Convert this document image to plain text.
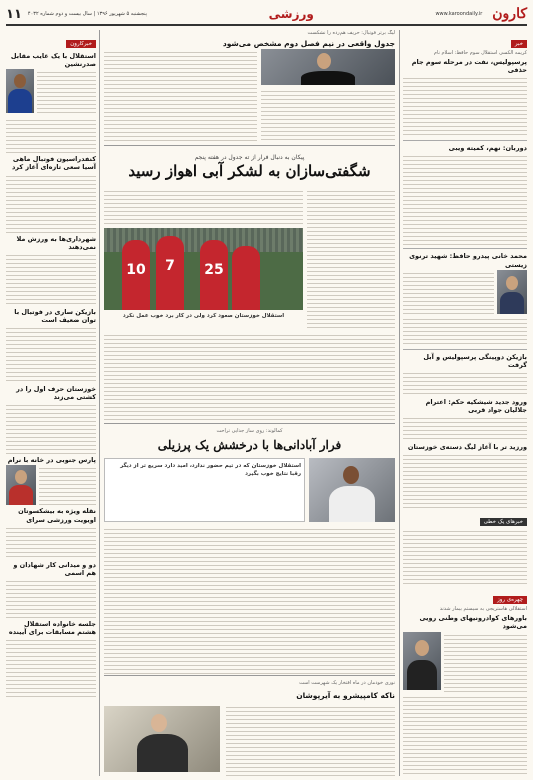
کارون
www.karoondaily.ir
ورزشی
پنجشنبه ۵ شهریور ۱۳۹۶ | سال بیست و دوم شماره ۴۰۳۲
۱۱
خبر
کریمه الکسی استقلال سوم حافظ: اسلام نام
پرسپولیس، نفت در مرحله سوم جام حذفی
دوربان: نهم، کمیته ویبی
محمد خانی پیدرو حافظ: شهید ترنوی زیستی
بازیکن دوپینگی پرسپولیس و آبل گرفت
ورود جدید شیشکیه حکم: اعترام جلالیان جواد قربی
ورزید تر با آغاز لیگ دسته‌ی خوزستان
خبرهای یک خطی
چهره‌ی روز
استقلالی هاستریجی به سیستم بیمار شدند
باورهای کوادرونیهای وطنی رویی می‌شود
خبرکارون
استقلال با یک غایب مقابل صدرنشین
کنفدراسیون فوتبال ماهی آسیا سعی تازه‌ای آغاز کرد
شهرداری‌ها به ورزش ملا نمی‌دهند
بازیکن ساری در فوتبال با توان ضعیف است
خوزستان حرف اول را در کشتی می‌زند
پارس جنوبی در خانه با نرام
نقله ویژه به بیشکسوتان اویویت ورزشی سرای
دو و میدانی کار شهادان و هم اسمی
جلسه خانواده استقلال هشتم مسابقات برای آیینده
لیگ برتر فوتبال: حریف هم‌رده را نشکست
جدول واقعی در نیم فصل دوم مشخص می‌شود
پیکان به دنبال فرار از ته جدول در هفته پنجم
شگفتی‌سازان به لشکر آبی اهواز رسید
10	7	25
استقلال خوزستان صعود کرد ولی در کار برد خوب عمل نکرد
کمالوند: روی ساز جدایی تراحت
فرار آبادانی‌ها با درخشش یک پرزیلی
استقلال خوزستان که در تیم حضور ندارد، امید دارد سریع تر از دیگر رقبا نتایج خوب بگیرد
نوری خودمان در ماه افتخار یک شهرست است
ناکه کامپیشرو به آیرپوشان
